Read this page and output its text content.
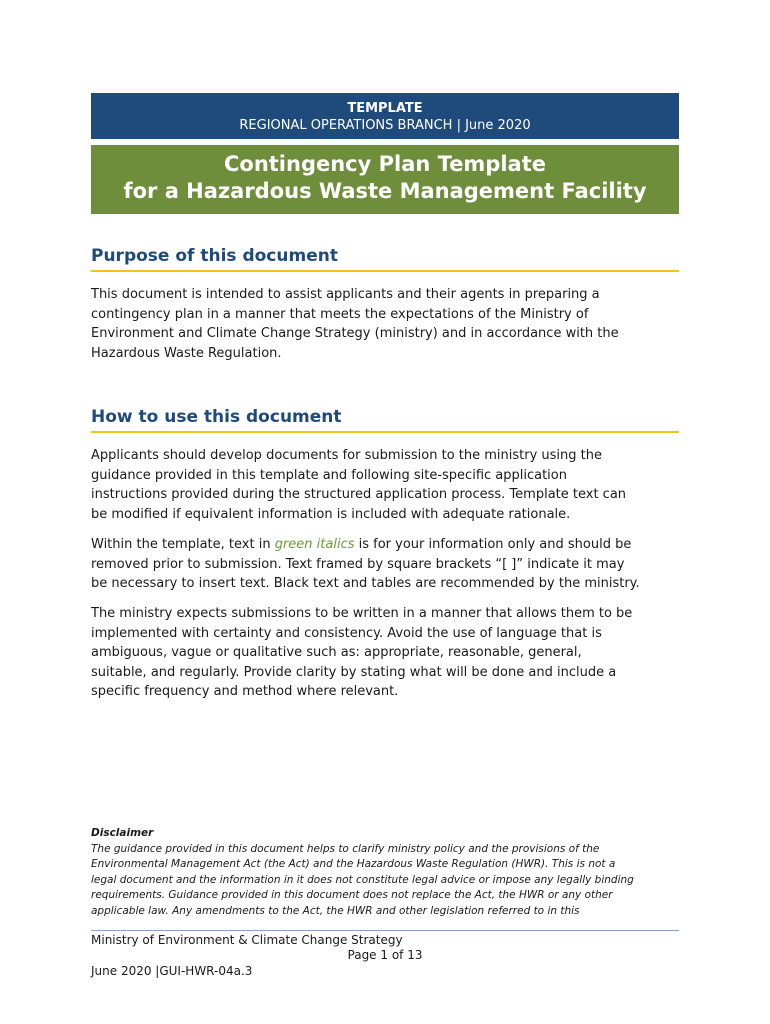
TEMPLATE
REGIONAL OPERATIONS BRANCH | June 2020
Contingency Plan Template
for a Hazardous Waste Management Facility
Purpose of this document
This document is intended to assist applicants and their agents in preparing a
contingency plan in a manner that meets the expectations of the Ministry of
Environment and Climate Change Strategy (ministry) and in accordance with the
Hazardous Waste Regulation.
How to use this document
Applicants should develop documents for submission to the ministry using the
guidance provided in this template and following site-specific application
instructions provided during the structured application process. Template text can
be modified if equivalent information is included with adequate rationale.
Within the template, text in green italics is for your information only and should be
removed prior to submission. Text framed by square brackets “[ ]” indicate it may
be necessary to insert text. Black text and tables are recommended by the ministry.
The ministry expects submissions to be written in a manner that allows them to be
implemented with certainty and consistency. Avoid the use of language that is
ambiguous, vague or qualitative such as: appropriate, reasonable, general,
suitable, and regularly. Provide clarity by stating what will be done and include a
specific frequency and method where relevant.
Disclaimer
The guidance provided in this document helps to clarify ministry policy and the provisions of the
Environmental Management Act (the Act) and the Hazardous Waste Regulation (HWR). This is not a
legal document and the information in it does not constitute legal advice or impose any legally binding
requirements. Guidance provided in this document does not replace the Act, the HWR or any other
applicable law. Any amendments to the Act, the HWR and other legislation referred to in this
Ministry of Environment & Climate Change Strategy
Page 1 of 13
June 2020 |GUI-HWR-04a.3
